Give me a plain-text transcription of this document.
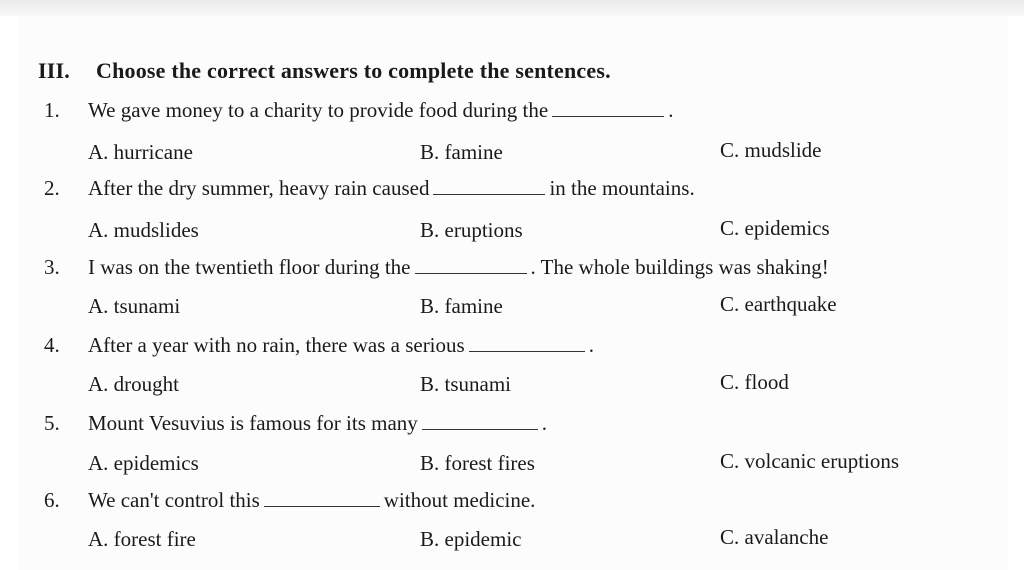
III. Choose the correct answers to complete the sentences.
1. We gave money to a charity to provide food during the	.
A. hurricane	B. famine	C. mudslide
2. After the dry summer, heavy rain caused	in the mountains.
A. mudslides	B. eruptions	C. epidemics
3. I was on the twentieth floor during the	. The whole buildings was shaking!
A. tsunami	B. famine	C. earthquake
4. After a year with no rain, there was a serious	.
A. drought	B. tsunami	C. flood
5. Mount Vesuvius is famous for its many	.
A. epidemics	B. forest fires	C. volcanic eruptions
6. We can't control this	without medicine.
A. forest fire	B. epidemic	C. avalanche
